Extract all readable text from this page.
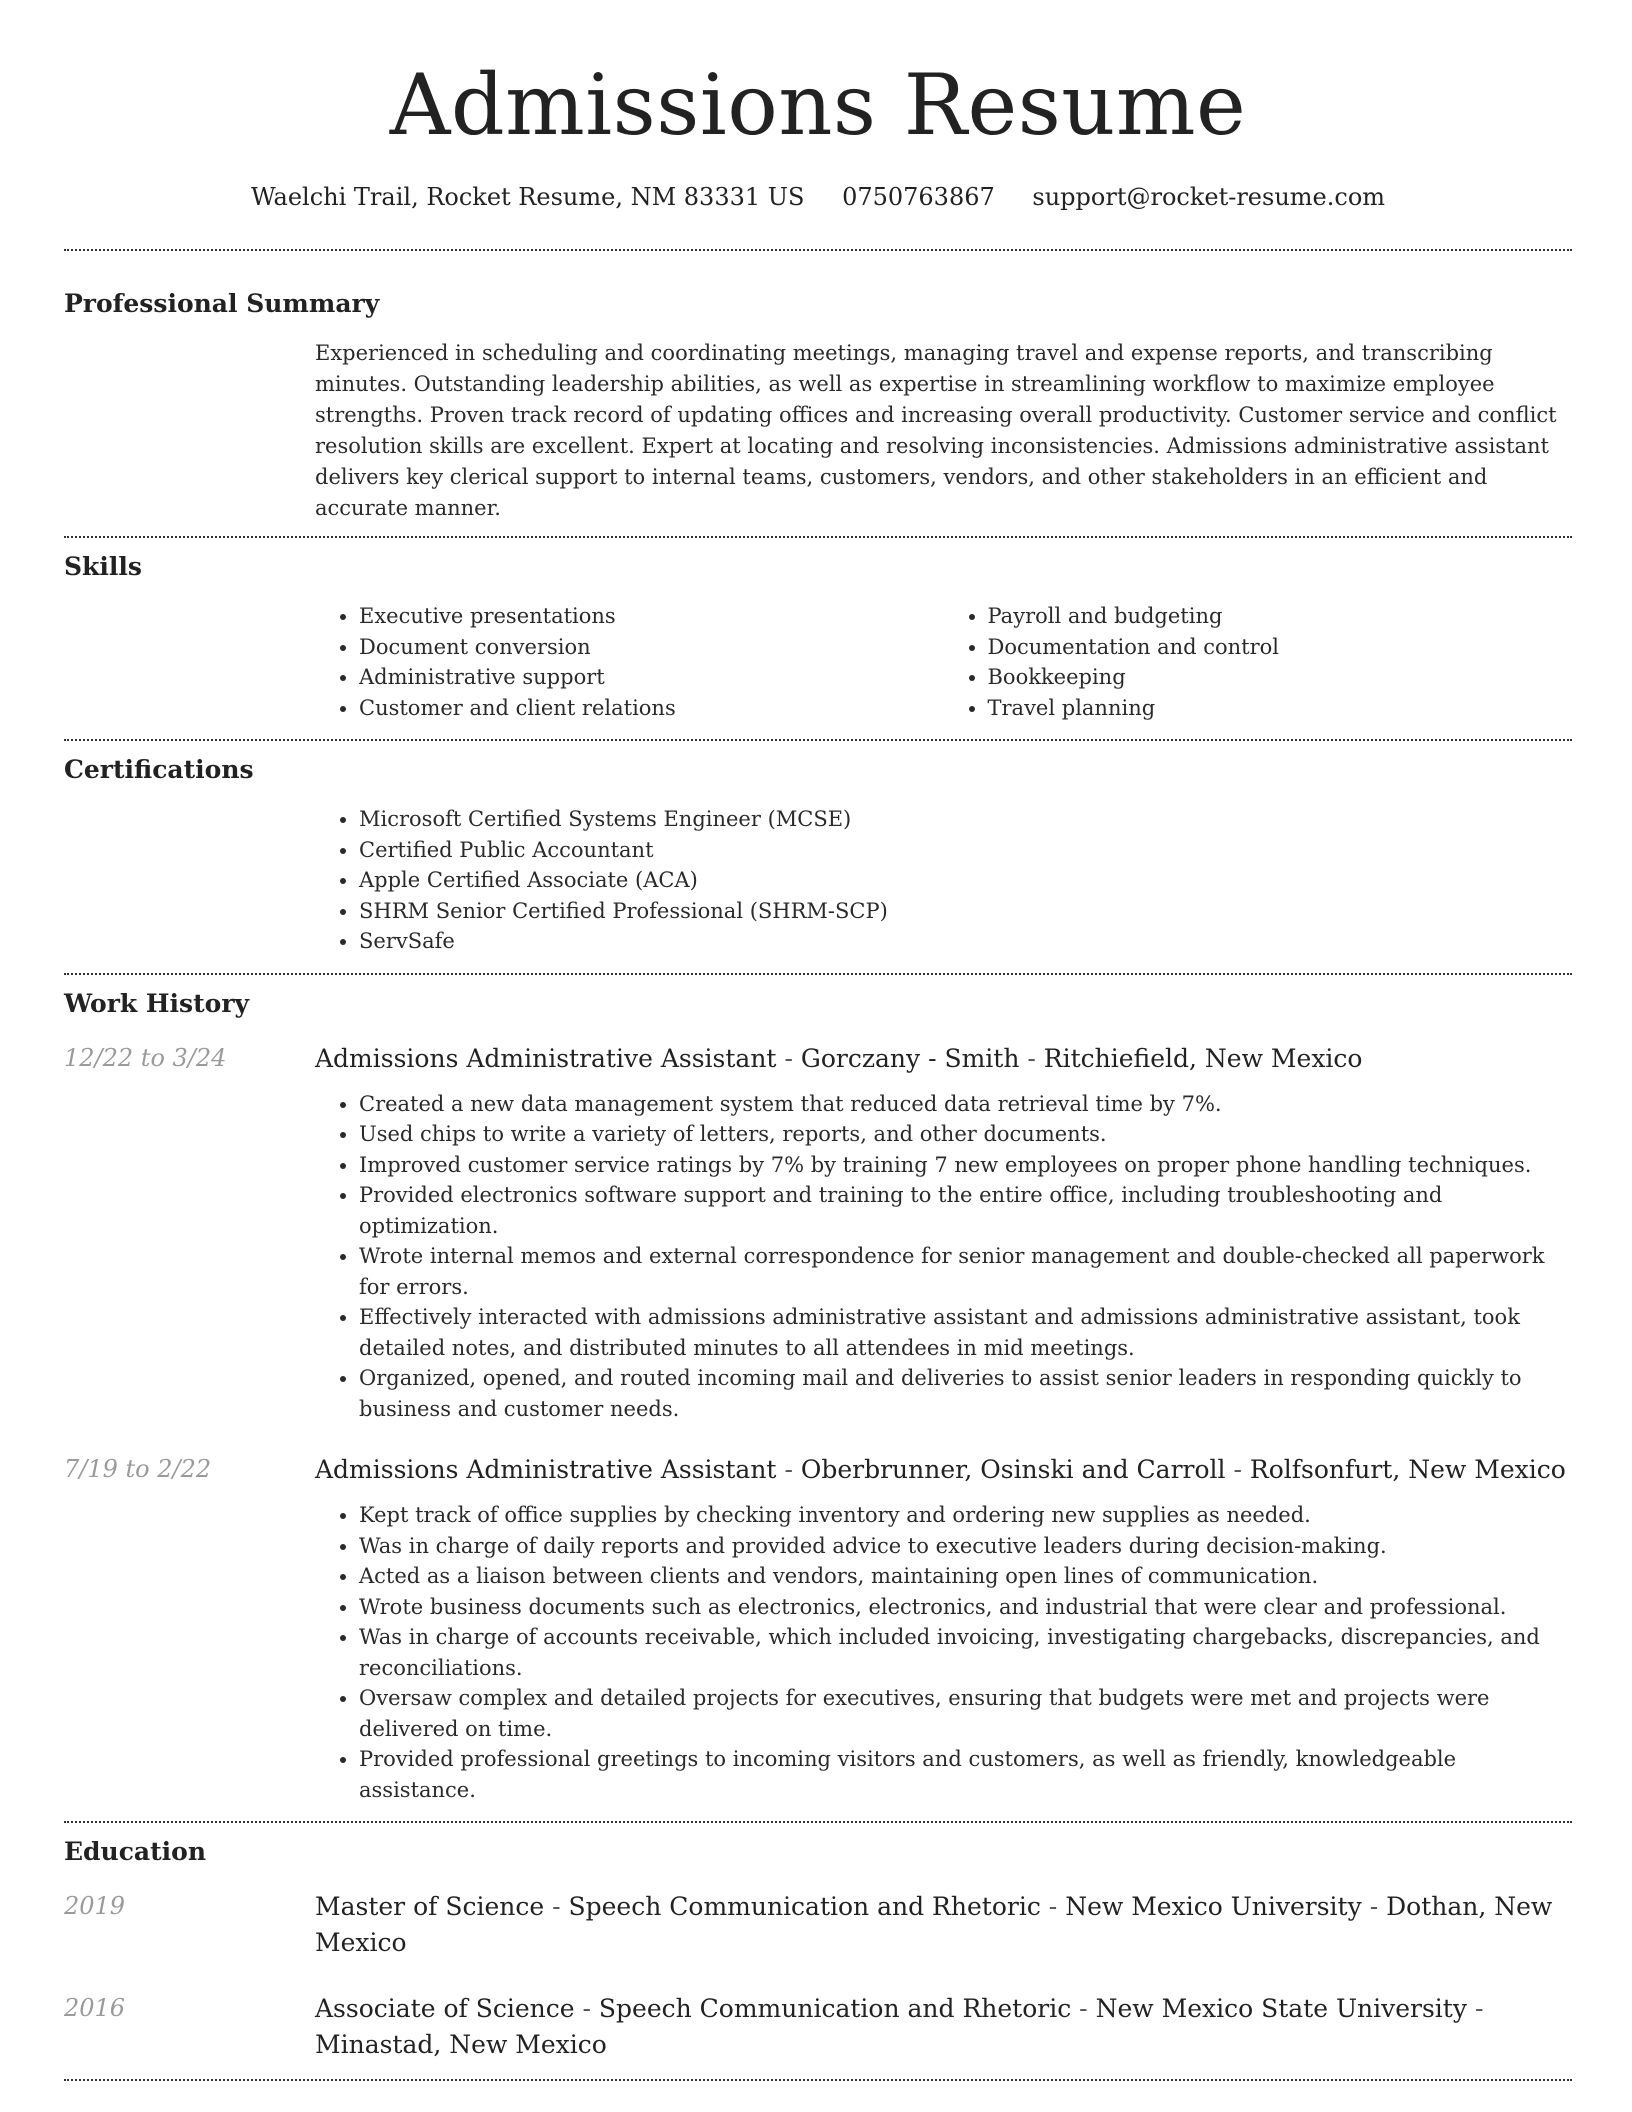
Admissions Resume
Waelchi Trail, Rocket Resume, NM 83331 US 0750763867 support@rocket-resume.com
Professional Summary

Experienced in scheduling and coordinating meetings, managing travel and expense reports, and transcribing minutes. Outstanding leadership abilities, as well as expertise in streamlining workflow to maximize employee strengths. Proven track record of updating offices and increasing overall productivity. Customer service and conflict resolution skills are excellent. Expert at locating and resolving inconsistencies. Admissions administrative assistant delivers key clerical support to internal teams, customers, vendors, and other stakeholders in an efficient and accurate manner.

Skills
• Executive presentations
• Document conversion
• Administrative support
• Customer and client relations
• Payroll and budgeting
• Documentation and control
• Bookkeeping
• Travel planning
Certifications
• Microsoft Certified Systems Engineer (MCSE)
• Certified Public Accountant
• Apple Certified Associate (ACA)
• SHRM Senior Certified Professional (SHRM-SCP)
• ServSafe
Work History
12/22 to 3/24	Admissions Administrative Assistant - Gorczany - Smith - Ritchiefield, New Mexico

• Created a new data management system that reduced data retrieval time by 7%.
• Used chips to write a variety of letters, reports, and other documents.
• Improved customer service ratings by 7% by training 7 new employees on proper phone handling techniques.
• Provided electronics software support and training to the entire office, including troubleshooting and optimization.
• Wrote internal memos and external correspondence for senior management and double-checked all paperwork for errors.
• Effectively interacted with admissions administrative assistant and admissions administrative assistant, took detailed notes, and distributed minutes to all attendees in mid meetings.
• Organized, opened, and routed incoming mail and deliveries to assist senior leaders in responding quickly to business and customer needs.
7/19 to 2/22	Admissions Administrative Assistant - Oberbrunner, Osinski and Carroll - Rolfsonfurt, New Mexico

• Kept track of office supplies by checking inventory and ordering new supplies as needed.
• Was in charge of daily reports and provided advice to executive leaders during decision-making.
• Acted as a liaison between clients and vendors, maintaining open lines of communication.
• Wrote business documents such as electronics, electronics, and industrial that were clear and professional.
• Was in charge of accounts receivable, which included invoicing, investigating chargebacks, discrepancies, and reconciliations.
• Oversaw complex and detailed projects for executives, ensuring that budgets were met and projects were delivered on time.
• Provided professional greetings to incoming visitors and customers, as well as friendly, knowledgeable assistance.
Education
2019	Master of Science - Speech Communication and Rhetoric - New Mexico University - Dothan, New Mexico

2016	Associate of Science - Speech Communication and Rhetoric - New Mexico State University - Minastad, New Mexico
